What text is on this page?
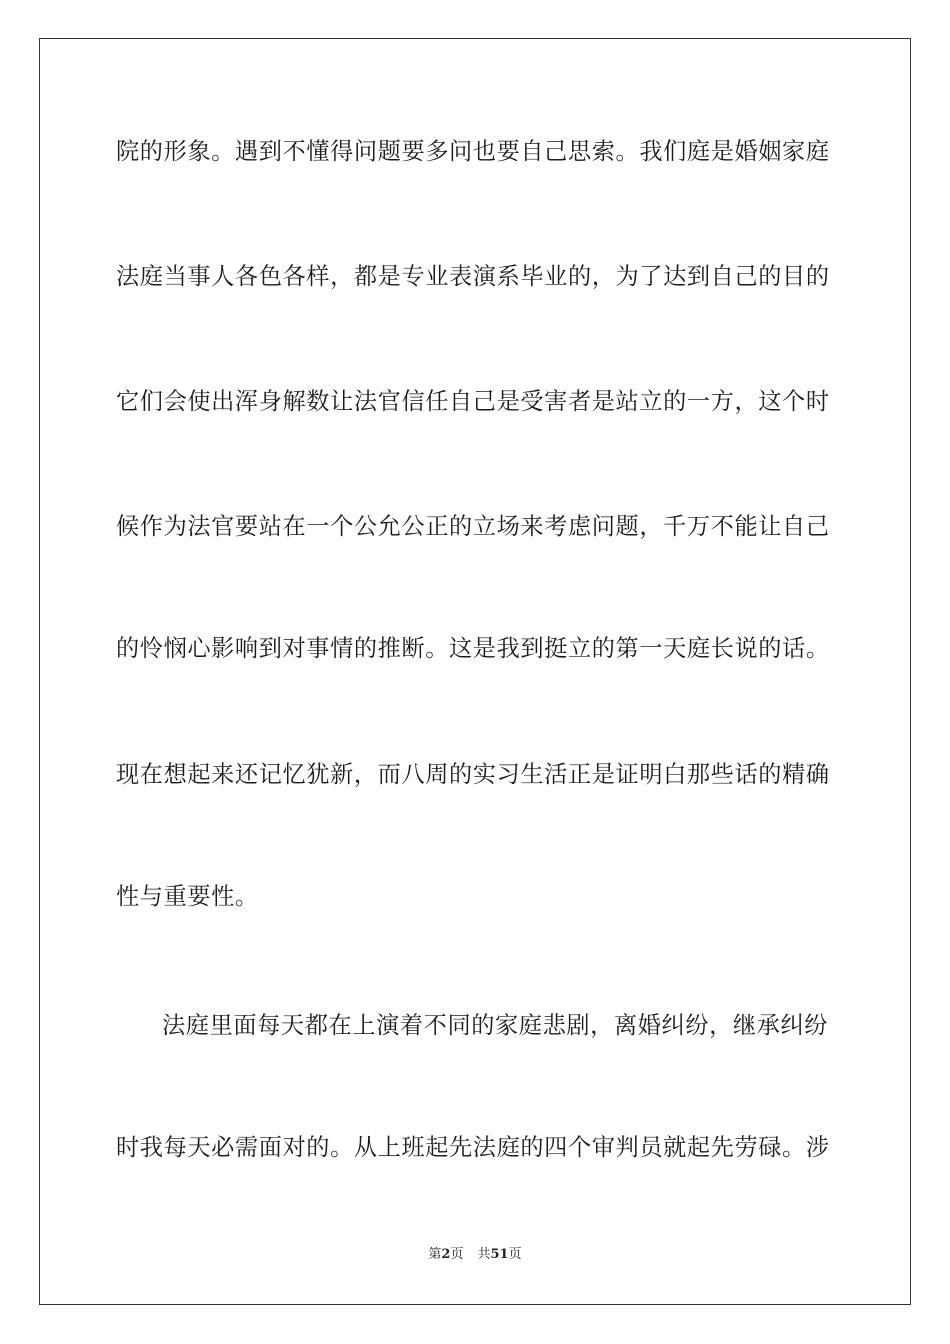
院的形象。遇到不懂得问题要多问也要自己思索。我们庭是婚姻家庭
法庭当事人各色各样，都是专业表演系毕业的，为了达到自己的目的
它们会使出浑身解数让法官信任自己是受害者是站立的一方，这个时
候作为法官要站在一个公允公正的立场来考虑问题，千万不能让自己
的怜悯心影响到对事情的推断。这是我到挺立的第一天庭长说的话。
现在想起来还记忆犹新，而八周的实习生活正是证明白那些话的精确
性与重要性。
法庭里面每天都在上演着不同的家庭悲剧，离婚纠纷，继承纠纷
时我每天必需面对的。从上班起先法庭的四个审判员就起先劳碌。涉
第2页 共51页
